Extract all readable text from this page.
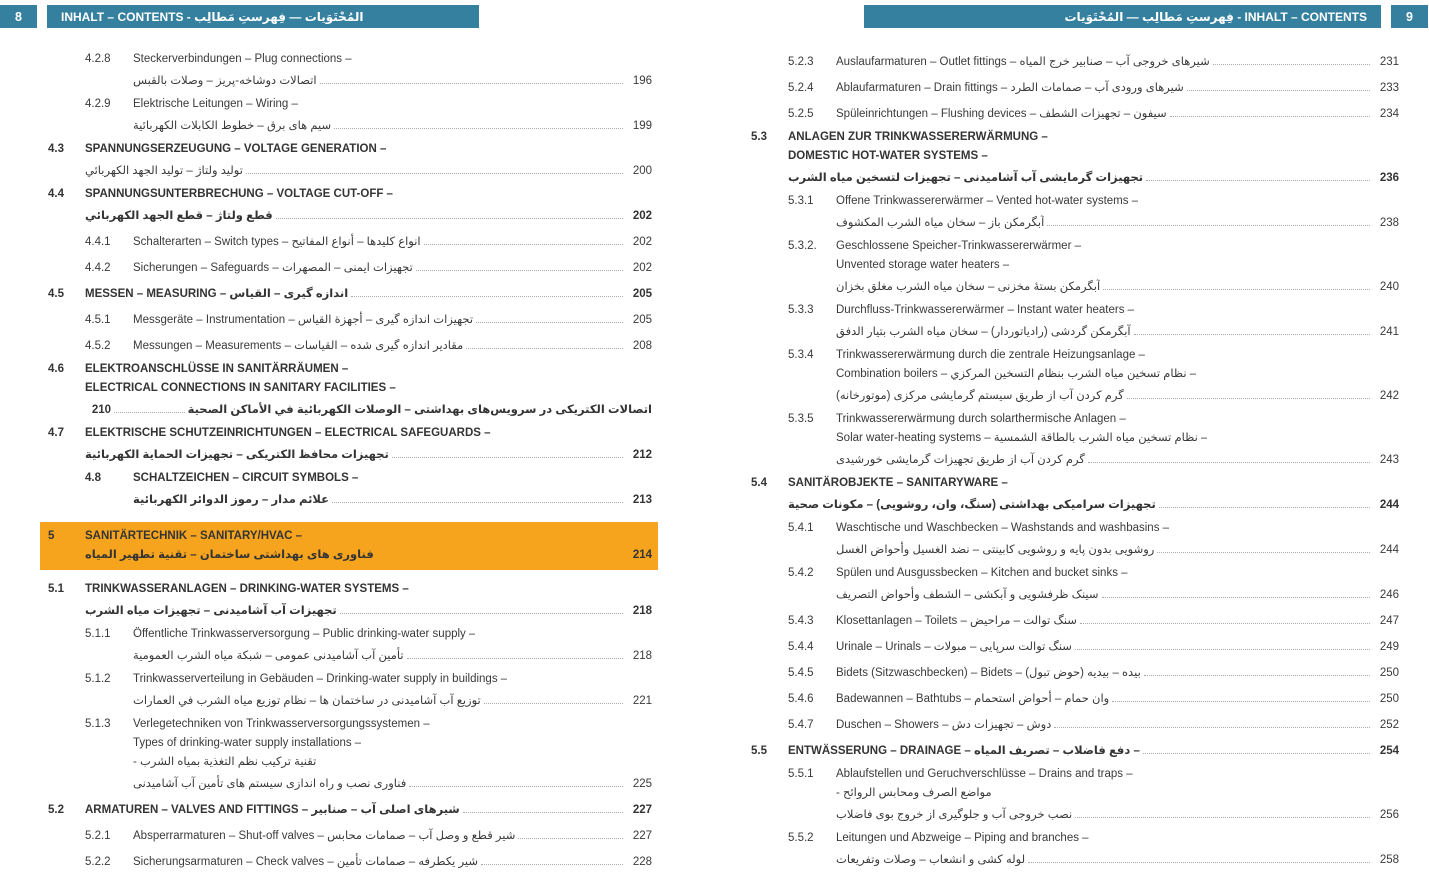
8	INHALT – CONTENTS - المُحْتَوَيات — فِهرستِ مَطالِب
4.2.8	Steckerverbindungen – Plug connections –
اتصالات دوشاخه-پريز – وصلات بالقبس	196
4.2.9	Elektrische Leitungen – Wiring –
سيم هاى برق – خطوط الكابلات الكهربائية	199
4.3	SPANNUNGSERZEUGUNG – VOLTAGE GENERATION –
توليد ولتاژ – توليد الجهد الكهربائي	200
4.4	SPANNUNGSUNTERBRECHUNG – VOLTAGE CUT-OFF –
قطع ولتاژ – قطع الجهد الكهربائي	202
4.4.1	Schalterarten – Switch types – انواع كليدها – أنواع المفاتيح	202
4.4.2	Sicherungen – Safeguards – تجهيزات ايمنى – المصهرات	202
4.5	MESSEN – MEASURING – اندازه گيرى – القياس	205
4.5.1	Messgeräte – Instrumentation – تجهيزات اندازه گيرى – أجهزة القياس	205
4.5.2	Messungen – Measurements – مقادير اندازه گيرى شده – القياسات	208
4.6	ELEKTROANSCHLÜSSE IN SANITÄRRÄUMEN –
ELECTRICAL CONNECTIONS IN SANITARY FACILITIES –
210	اتصالات الكتريكى در سرويس‌هاى بهداشتى – الوصلات الكهربائية في الأماكن الصحية
4.7	ELEKTRISCHE SCHUTZEINRICHTUNGEN – ELECTRICAL SAFEGUARDS –
تجهيزات محافظ الكتريكى – تجهيزات الحماية الكهربائية	212
4.8	SCHALTZEICHEN – CIRCUIT SYMBOLS –
علائم مدار – رموز الدوائر الكهربائية	213
5	SANITÄRTECHNIK – SANITARY/HVAC –
فناورى هاى بهداشتى ساختمان – تقنية تطهير المياه	214
5.1	TRINKWASSERANLAGEN – DRINKING-WATER SYSTEMS –
تجهيزات آب آشاميدنى – تجهيزات مياه الشرب	218
5.1.1	Öffentliche Trinkwasserversorgung – Public drinking-water supply –
تأمين آب آشاميدنى عمومى – شبكة مياه الشرب العمومية	218
5.1.2	Trinkwasserverteilung in Gebäuden – Drinking-water supply in buildings –
توزيع آب آشاميدنى در ساختمان ها – نظام توزيع مياه الشرب في العمارات	221
5.1.3	Verlegetechniken von Trinkwasserversorgungssystemen –
Types of drinking-water supply installations –
- تقنية تركيب نظم التغذية بمياه الشرب
فناورى نصب و راه اندازى سيستم هاى تأمين آب آشاميدنى	225
5.2	ARMATUREN – VALVES AND FITTINGS – شيرهاى اصلى آب – صنابير	227
5.2.1	Absperrarmaturen – Shut-off valves – شير قطع و وصل آب – صمامات محابس	227
5.2.2	Sicherungsarmaturen – Check valves – شير يكطرفه – صمامات تأمين	228
فِهرستِ مَطالِب — المُحْتَوَيات - INHALT – CONTENTS	9
5.2.3	Auslaufarmaturen – Outlet fittings – شيرهاى خروجى آب – صنابير خرج المياه	231
5.2.4	Ablaufarmaturen – Drain fittings – شيرهاى ورودى آب – صمامات الطرد	233
5.2.5	Spüleinrichtungen – Flushing devices – سيفون – تجهيزات الشطف	234
5.3	ANLAGEN ZUR TRINKWASSERERWÄRMUNG –
DOMESTIC HOT-WATER SYSTEMS –
تجهيزات گرمايشى آب آشاميدنى – تجهيزات لتسخين مياه الشرب	236
5.3.1	Offene Trinkwassererwärmer – Vented hot-water systems –
آبگرمكن باز – سخان مياه الشرب المكشوف	238
5.3.2.	Geschlossene Speicher-Trinkwassererwärmer –
Unvented storage water heaters –
آبگرمكن بستهٔ مخزنى – سخان مياه الشرب مغلق بخزان	240
5.3.3	Durchfluss-Trinkwassererwärmer – Instant water heaters –
آبگرمكن گردشى (رادياتوردار) – سخان مياه الشرب بتيار الدفق	241
5.3.4	Trinkwassererwärmung durch die zentrale Heizungsanlage –
Combination boilers – نظام تسخين مياه الشرب بنظام التسخين المركزي –
گرم كردن آب از طريق سيستم گرمايشى مركزى (موتورخانه)	242
5.3.5	Trinkwassererwärmung durch solarthermische Anlagen –
Solar water-heating systems – نظام تسخين مياه الشرب بالطاقة الشمسية –
گرم كردن آب از طريق تجهيزات گرمايشى خورشيدى	243
5.4	SANITÄROBJEKTE – SANITARYWARE –
تجهيزات سراميكى بهداشتى (سنگ، وان، روشويى) – مكونات صحية	244
5.4.1	Waschtische und Waschbecken – Washstands and washbasins –
روشويى بدون پايه و روشويى كابينتى – نضد الغسيل وأحواض الغسل	244
5.4.2	Spülen und Ausgussbecken – Kitchen and bucket sinks –
سينک ظرفشويى و آبكشى – الشطف وأحواض التصريف	246
5.4.3	Klosettanlagen – Toilets – سنگ توالت – مراحيض	247
5.4.4	Urinale – Urinals – سنگ توالت سرپايى – مبولات	249
5.4.5	Bidets (Sitzwaschbecken) – Bidets – بيده – بيديه (حوض تبول)	250
5.4.6	Badewannen – Bathtubs – وان حمام – أحواض استحمام	250
5.4.7	Duschen – Showers – دوش – تجهيزات دش	252
5.5	ENTWÄSSERUNG – DRAINAGE – دفع فاضلاب – تصريف المياه –	254
5.5.1	Ablaufstellen und Geruchverschlüsse – Drains and traps –
- مواضع الصرف ومحابس الروائح
نصب خروجى آب و جلوگيرى از خروج بوى فاضلاب	256
5.5.2	Leitungen und Abzweige – Piping and branches –
لوله كشى و انشعاب – وصلات وتفريعات	258
